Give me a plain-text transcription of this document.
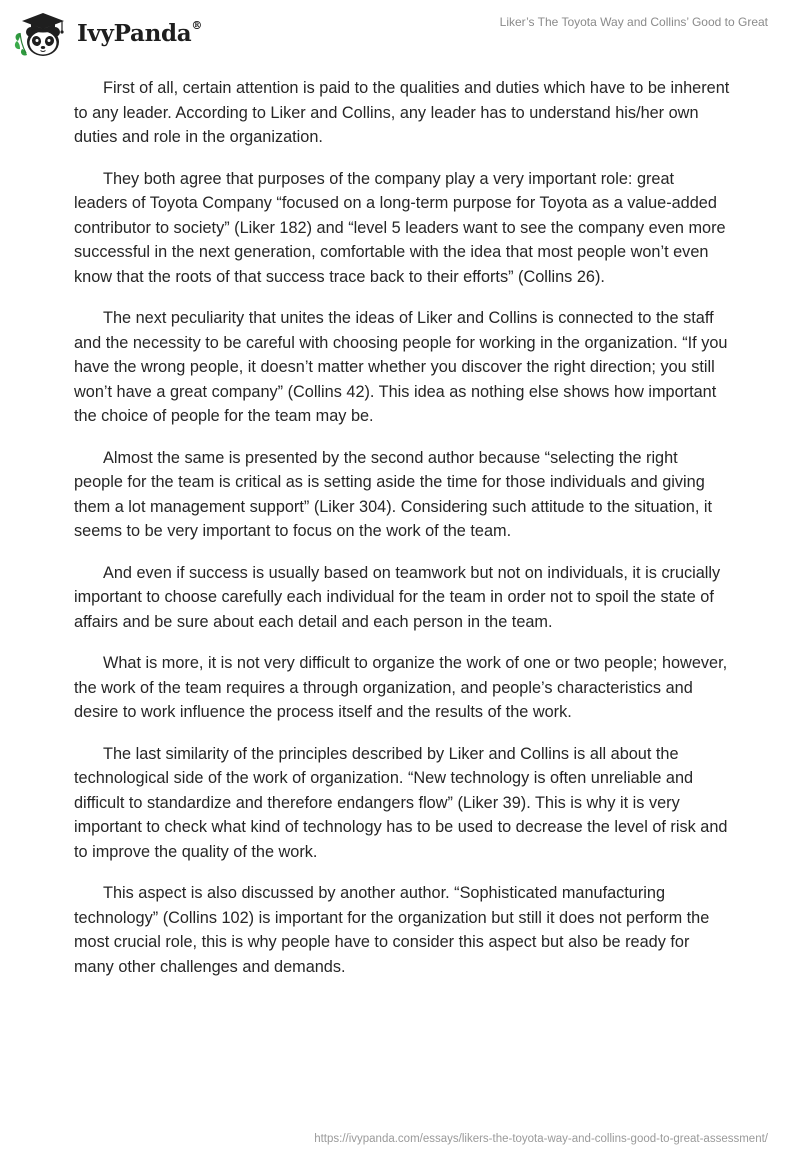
IvyPanda®	Liker’s The Toyota Way and Collins’ Good to Great

First of all, certain attention is paid to the qualities and duties which have to be inherent to any leader. According to Liker and Collins, any leader has to understand his/her own duties and role in the organization.

They both agree that purposes of the company play a very important role: great leaders of Toyota Company “focused on a long-term purpose for Toyota as a value-added contributor to society” (Liker 182) and “level 5 leaders want to see the company even more successful in the next generation, comfortable with the idea that most people won’t even know that the roots of that success trace back to their efforts” (Collins 26).

The next peculiarity that unites the ideas of Liker and Collins is connected to the staff and the necessity to be careful with choosing people for working in the organization. “If you have the wrong people, it doesn’t matter whether you discover the right direction; you still won’t have a great company” (Collins 42). This idea as nothing else shows how important the choice of people for the team may be.

Almost the same is presented by the second author because “selecting the right people for the team is critical as is setting aside the time for those individuals and giving them a lot management support” (Liker 304). Considering such attitude to the situation, it seems to be very important to focus on the work of the team.

And even if success is usually based on teamwork but not on individuals, it is crucially important to choose carefully each individual for the team in order not to spoil the state of affairs and be sure about each detail and each person in the team.

What is more, it is not very difficult to organize the work of one or two people; however, the work of the team requires a through organization, and people’s characteristics and desire to work influence the process itself and the results of the work.

The last similarity of the principles described by Liker and Collins is all about the technological side of the work of organization. “New technology is often unreliable and difficult to standardize and therefore endangers flow” (Liker 39). This is why it is very important to check what kind of technology has to be used to decrease the level of risk and to improve the quality of the work.

This aspect is also discussed by another author. “Sophisticated manufacturing technology” (Collins 102) is important for the organization but still it does not perform the most crucial role, this is why people have to consider this aspect but also be ready for many other challenges and demands.

https://ivypanda.com/essays/likers-the-toyota-way-and-collins-good-to-great-assessment/
